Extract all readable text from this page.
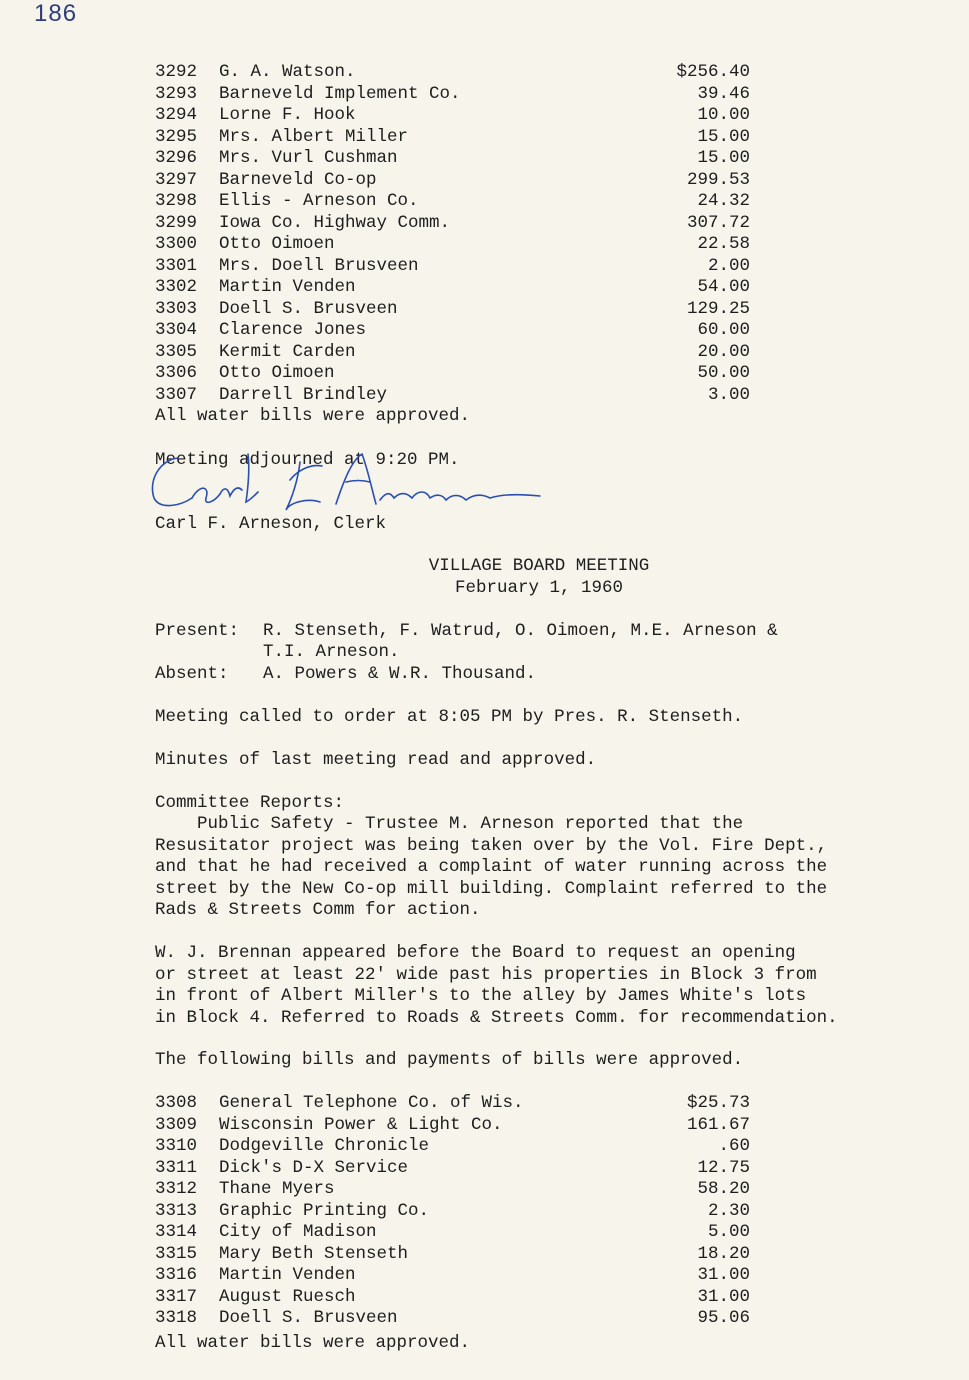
186
3292	G. A. Watson.	$256.40
3293	Barneveld Implement Co.	39.46
3294	Lorne F. Hook	10.00
3295	Mrs. Albert Miller	15.00
3296	Mrs. Vurl Cushman	15.00
3297	Barneveld Co-op	299.53
3298	Ellis - Arneson Co.	24.32
3299	Iowa Co. Highway Comm.	307.72
3300	Otto Oimoen	22.58
3301	Mrs. Doell Brusveen	2.00
3302	Martin Venden	54.00
3303	Doell S. Brusveen	129.25
3304	Clarence Jones	60.00
3305	Kermit Carden	20.00
3306	Otto Oimoen	50.00
3307	Darrell Brindley	3.00
All water bills were approved.
Meeting adjourned at 9:20 PM.
Carl F. Arneson, Clerk
VILLAGE BOARD MEETING
February 1, 1960
Present: R. Stenseth, F. Watrud, O. Oimoen, M.E. Arneson &
T.I. Arneson.
Absent: A. Powers & W.R. Thousand.
Meeting called to order at 8:05 PM by Pres. R. Stenseth.
Minutes of last meeting read and approved.
Committee Reports:
Public Safety - Trustee M. Arneson reported that the
Resusitator project was being taken over by the Vol. Fire Dept.,
and that he had received a complaint of water running across the
street by the New Co-op mill building. Complaint referred to the
Rads & Streets Comm for action.
W. J. Brennan appeared before the Board to request an opening
or street at least 22' wide past his properties in Block 3 from
in front of Albert Miller's to the alley by James White's lots
in Block 4. Referred to Roads & Streets Comm. for recommendation.
The following bills and payments of bills were approved.
3308	General Telephone Co. of Wis.	$25.73
3309	Wisconsin Power & Light Co.	161.67
3310	Dodgeville Chronicle	.60
3311	Dick's D-X Service	12.75
3312	Thane Myers	58.20
3313	Graphic Printing Co.	2.30
3314	City of Madison	5.00
3315	Mary Beth Stenseth	18.20
3316	Martin Venden	31.00
3317	August Ruesch	31.00
3318	Doell S. Brusveen	95.06
All water bills were approved.
